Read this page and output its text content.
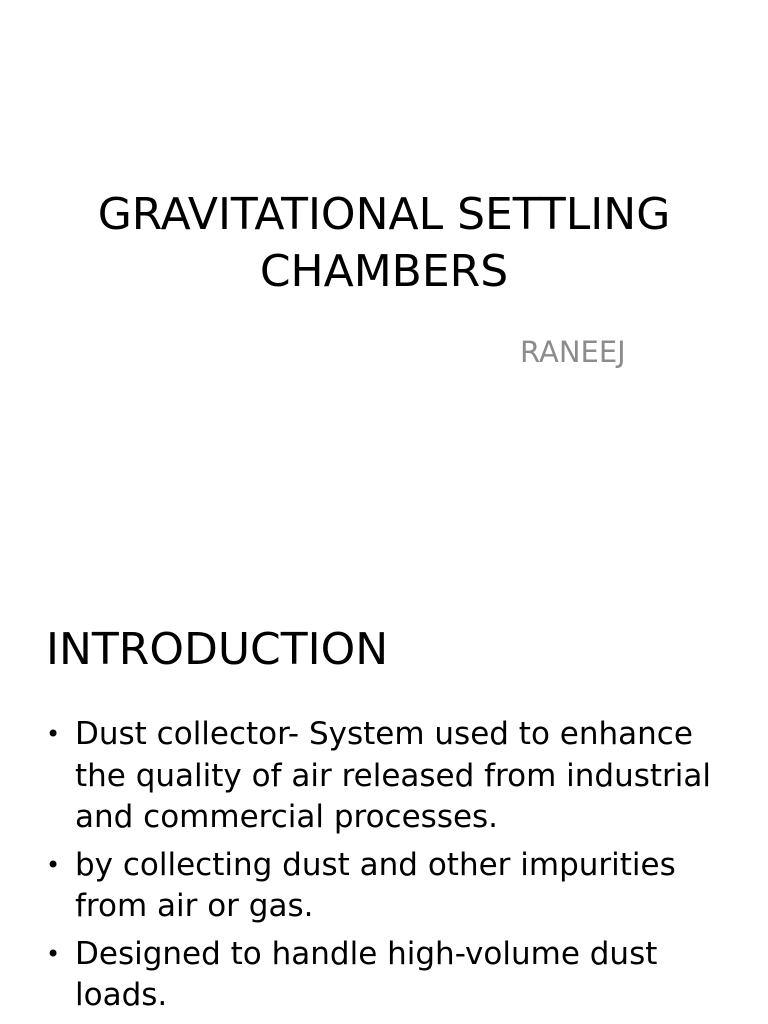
GRAVITATIONAL SETTLING
CHAMBERS

RANEEJ

INTRODUCTION
• Dust collector- System used to enhance the quality of air released from industrial and commercial processes.
• by collecting dust and other impurities from air or gas.
• Designed to handle high-volume dust loads.
